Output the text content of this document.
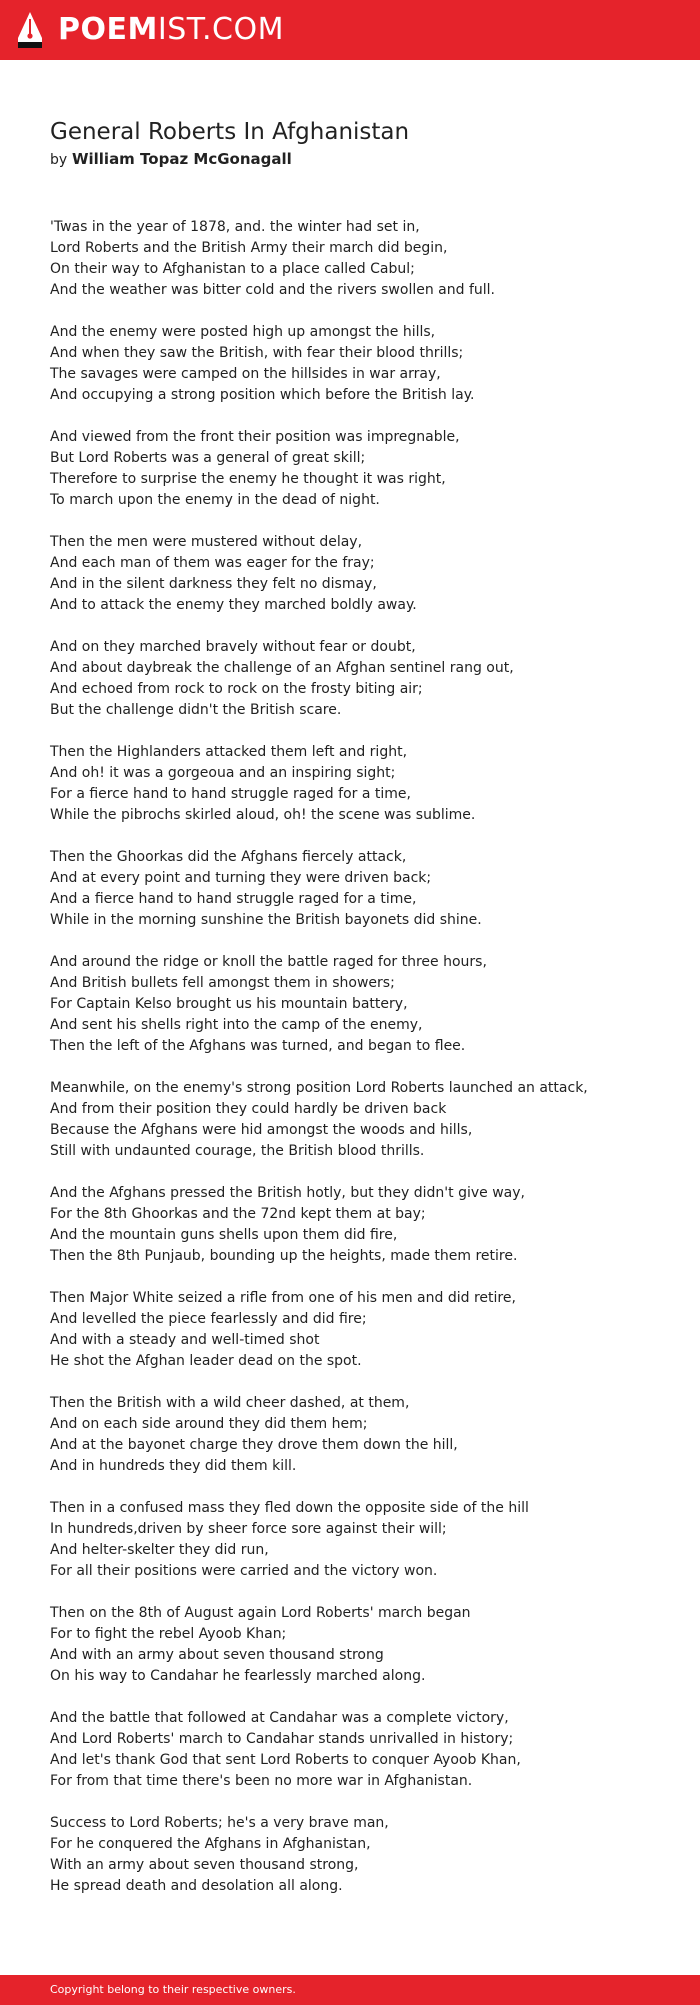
POEMIST.COM
General Roberts In Afghanistan
by William Topaz McGonagall
'Twas in the year of 1878, and. the winter had set in,
Lord Roberts and the British Army their march did begin,
On their way to Afghanistan to a place called Cabul;
And the weather was bitter cold and the rivers swollen and full.
And the enemy were posted high up amongst the hills,
And when they saw the British, with fear their blood thrills;
The savages were camped on the hillsides in war array,
And occupying a strong position which before the British lay.
And viewed from the front their position was impregnable,
But Lord Roberts was a general of great skill;
Therefore to surprise the enemy he thought it was right,
To march upon the enemy in the dead of night.
Then the men were mustered without delay,
And each man of them was eager for the fray;
And in the silent darkness they felt no dismay,
And to attack the enemy they marched boldly away.
And on they marched bravely without fear or doubt,
And about daybreak the challenge of an Afghan sentinel rang out,
And echoed from rock to rock on the frosty biting air;
But the challenge didn't the British scare.
Then the Highlanders attacked them left and right,
And oh! it was a gorgeoua and an inspiring sight;
For a fierce hand to hand struggle raged for a time,
While the pibrochs skirled aloud, oh! the scene was sublime.
Then the Ghoorkas did the Afghans fiercely attack,
And at every point and turning they were driven back;
And a fierce hand to hand struggle raged for a time,
While in the morning sunshine the British bayonets did shine.
And around the ridge or knoll the battle raged for three hours,
And British bullets fell amongst them in showers;
For Captain Kelso brought us his mountain battery,
And sent his shells right into the camp of the enemy,
Then the left of the Afghans was turned, and began to flee.
Meanwhile, on the enemy's strong position Lord Roberts launched an attack,
And from their position they could hardly be driven back
Because the Afghans were hid amongst the woods and hills,
Still with undaunted courage, the British blood thrills.
And the Afghans pressed the British hotly, but they didn't give way,
For the 8th Ghoorkas and the 72nd kept them at bay;
And the mountain guns shells upon them did fire,
Then the 8th Punjaub, bounding up the heights, made them retire.
Then Major White seized a rifle from one of his men and did retire,
And levelled the piece fearlessly and did fire;
And with a steady and well-timed shot
He shot the Afghan leader dead on the spot.
Then the British with a wild cheer dashed, at them,
And on each side around they did them hem;
And at the bayonet charge they drove them down the hill,
And in hundreds they did them kill.
Then in a confused mass they fled down the opposite side of the hill
In hundreds,driven by sheer force sore against their will;
And helter-skelter they did run,
For all their positions were carried and the victory won.
Then on the 8th of August again Lord Roberts' march began
For to fight the rebel Ayoob Khan;
And with an army about seven thousand strong
On his way to Candahar he fearlessly marched along.
And the battle that followed at Candahar was a complete victory,
And Lord Roberts' march to Candahar stands unrivalled in history;
And let's thank God that sent Lord Roberts to conquer Ayoob Khan,
For from that time there's been no more war in Afghanistan.
Success to Lord Roberts; he's a very brave man,
For he conquered the Afghans in Afghanistan,
With an army about seven thousand strong,
He spread death and desolation all along.
Copyright belong to their respective owners.
